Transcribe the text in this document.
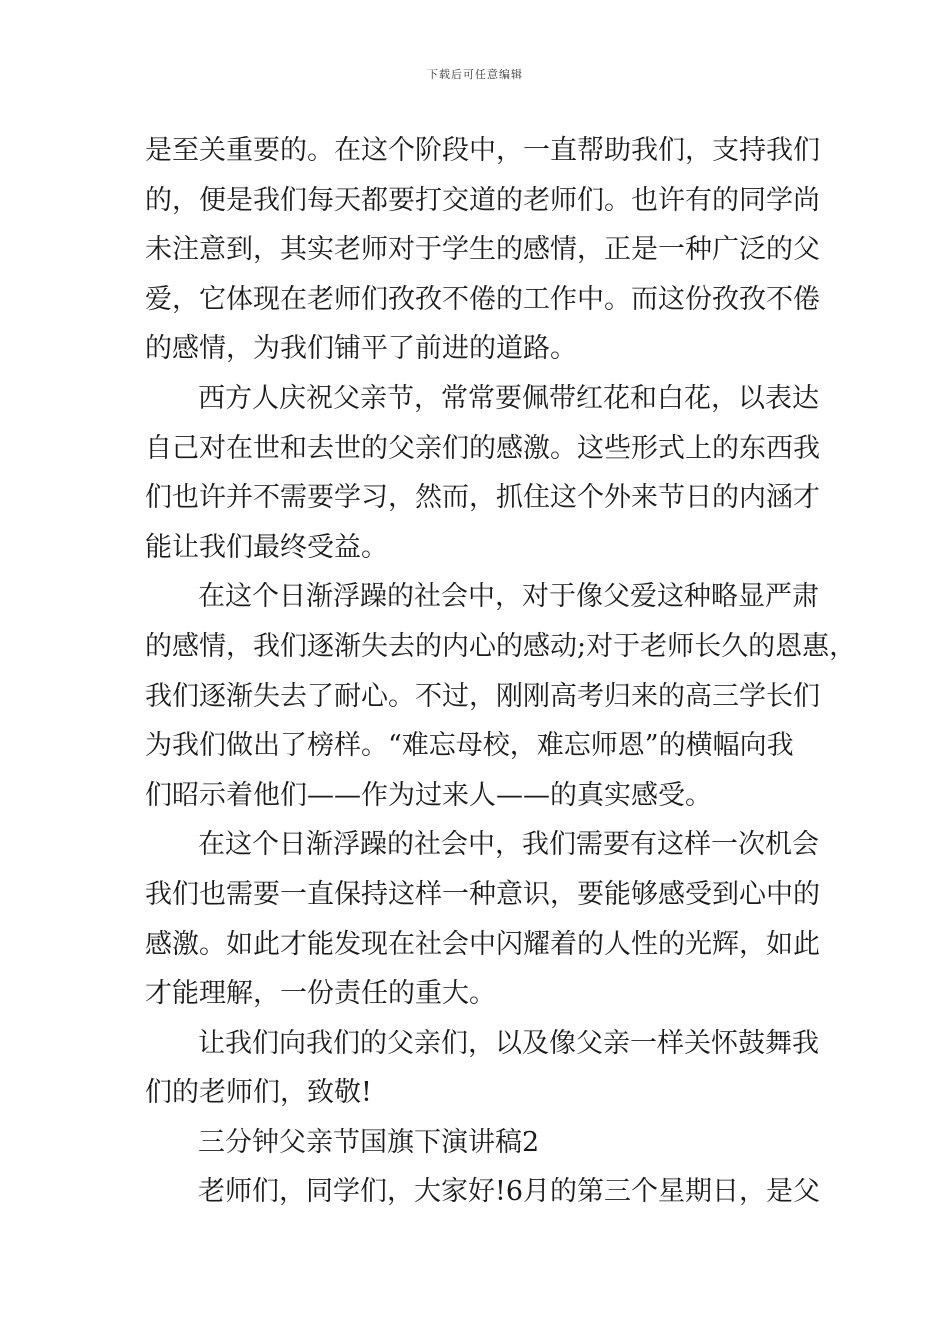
下载后可任意编辑
是至关重要的。在这个阶段中，一直帮助我们，支持我们
的，便是我们每天都要打交道的老师们。也许有的同学尚
未注意到，其实老师对于学生的感情，正是一种广泛的父
爱，它体现在老师们孜孜不倦的工作中。而这份孜孜不倦
的感情，为我们铺平了前进的道路。
西方人庆祝父亲节，常常要佩带红花和白花，以表达
自己对在世和去世的父亲们的感激。这些形式上的东西我
们也许并不需要学习，然而，抓住这个外来节日的内涵才
能让我们最终受益。
在这个日渐浮躁的社会中，对于像父爱这种略显严肃
的感情，我们逐渐失去的内心的感动;对于老师长久的恩惠，
我们逐渐失去了耐心。不过，刚刚高考归来的高三学长们
为我们做出了榜样。“难忘母校，难忘师恩”的横幅向我
们昭示着他们——作为过来人——的真实感受。
在这个日渐浮躁的社会中，我们需要有这样一次机会
我们也需要一直保持这样一种意识，要能够感受到心中的
感激。如此才能发现在社会中闪耀着的人性的光辉，如此
才能理解，一份责任的重大。
让我们向我们的父亲们，以及像父亲一样关怀鼓舞我
们的老师们，致敬!
三分钟父亲节国旗下演讲稿2
老师们，同学们，大家好!6月的第三个星期日，是父
